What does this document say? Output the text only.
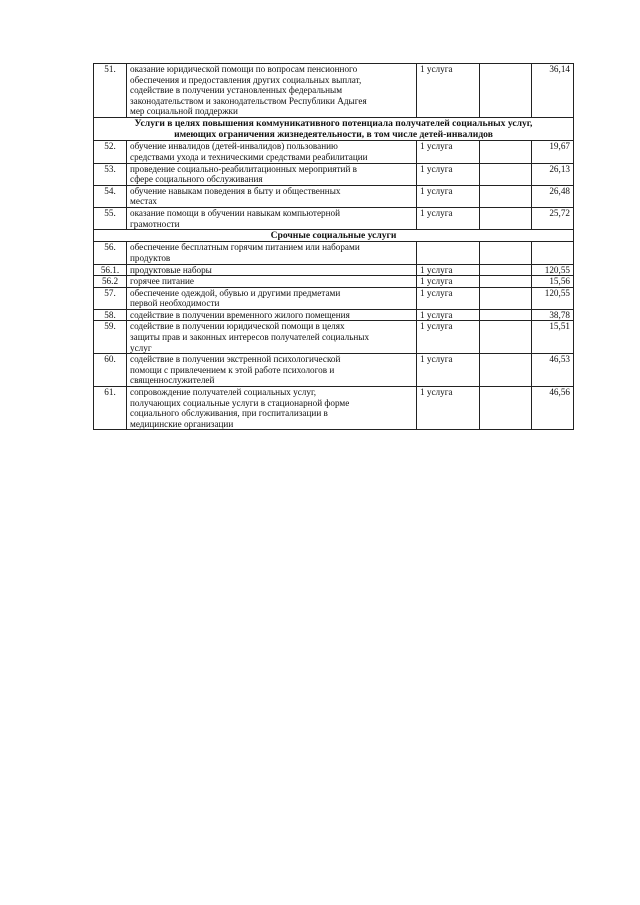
51.	оказание юридической помощи по вопросам пенсионного
обеспечения и предоставления других социальных выплат,
содействие в получении установленных федеральным
законодательством и законодательством Республики Адыгея
мер социальной поддержки	1 услуга		36,14

Услуги в целях повышения коммуникативного потенциала получателей социальных услуг,
имеющих ограничения жизнедеятельности, в том числе детей-инвалидов				

52.	обучение инвалидов (детей-инвалидов) пользованию
средствами ухода и техническими средствами реабилитации	1 услуга		19,67
53.	проведение социально-реабилитационных мероприятий в
сфере социального обслуживания	1 услуга		26,13
54.	обучение навыкам поведения в быту и общественных
местах	1 услуга		26,48
55.	оказание помощи в обучении навыкам компьютерной
грамотности	1 услуга		25,72

Срочные социальные услуги				

56.	обеспечение бесплатным горячим питанием или наборами
продуктов			

56.1.	продуктовые наборы	1 услуга		120,55
56.2	горячее питание	1 услуга		15,56
57.	обеспечение одеждой, обувью и другими предметами
первой необходимости	1 услуга		120,55
58.	содействие в получении временного жилого помещения	1 услуга		38,78
59.	содействие в получении юридической помощи в целях
защиты прав и законных интересов получателей социальных
услуг	1 услуга		15,51
60.	содействие в получении экстренной психологической
помощи с привлечением к этой работе психологов и
священнослужителей	1 услуга		46,53
61.	сопровождение получателей социальных услуг,
получающих социальные услуги в стационарной форме
социального обслуживания, при госпитализации в
медицинские организации	1 услуга		46,56
